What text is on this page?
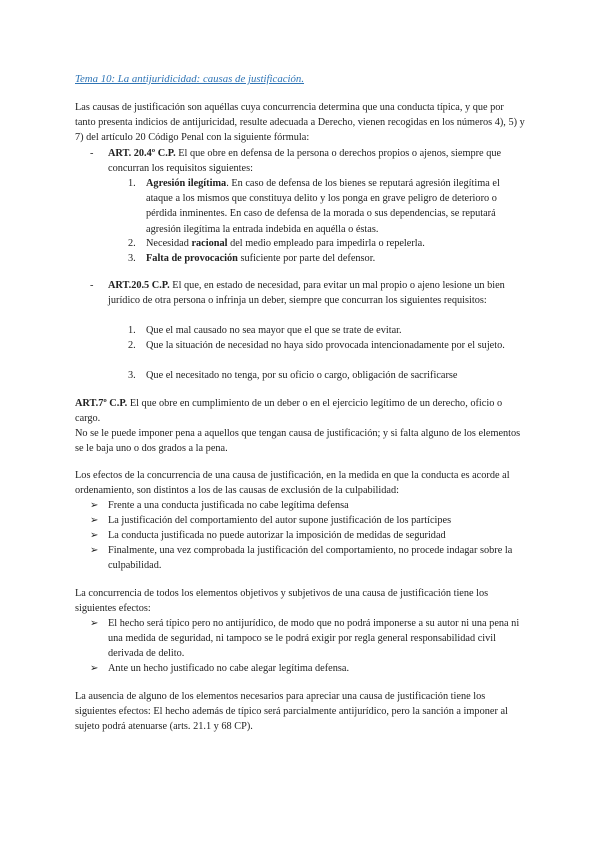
Tema 10: La antijuridicidad: causas de justificación.

Las causas de justificación son aquéllas cuya concurrencia determina que una conducta típica, y que por tanto presenta indicios de antijuricidad, resulte adecuada a Derecho, vienen recogidas en los números 4), 5) y 7) del artículo 20 Código Penal con la siguiente fórmula:

- ART. 20.4º C.P. El que obre en defensa de la persona o derechos propios o ajenos, siempre que concurran los requisitos siguientes:
1. Agresión ilegítima. En caso de defensa de los bienes se reputará agresión ilegítima el ataque a los mismos que constituya delito y los ponga en grave peligro de deterioro o pérdida inminentes. En caso de defensa de la morada o sus dependencias, se reputará agresión ilegítima la entrada indebida en aquélla o éstas.
2. Necesidad racional del medio empleado para impedirla o repelerla.
3. Falta de provocación suficiente por parte del defensor.
- ART.20.5 C.P. El que, en estado de necesidad, para evitar un mal propio o ajeno lesione un bien jurídico de otra persona o infrinja un deber, siempre que concurran los siguientes requisitos:
1. Que el mal causado no sea mayor que el que se trate de evitar.
2. Que la situación de necesidad no haya sido provocada intencionadamente por el sujeto.
3. Que el necesitado no tenga, por su oficio o cargo, obligación de sacrificarse

ART.7º C.P. El que obre en cumplimiento de un deber o en el ejercicio legítimo de un derecho, oficio o cargo.

No se le puede imponer pena a aquellos que tengan causa de justificación; y si falta alguno de los elementos se le baja uno o dos grados a la pena.

Los efectos de la concurrencia de una causa de justificación, en la medida en que la conducta es acorde al ordenamiento, son distintos a los de las causas de exclusión de la culpabilidad:

➢ Frente a una conducta justificada no cabe legítima defensa
➢ La justificación del comportamiento del autor supone justificación de los partícipes
➢ La conducta justificada no puede autorizar la imposición de medidas de seguridad
➢ Finalmente, una vez comprobada la justificación del comportamiento, no procede indagar sobre la culpabilidad.

La concurrencia de todos los elementos objetivos y subjetivos de una causa de justificación tiene los siguientes efectos:

➢ El hecho será típico pero no antijurídico, de modo que no podrá imponerse a su autor ni una pena ni una medida de seguridad, ni tampoco se le podrá exigir por regla general responsabilidad civil derivada de delito.
➢ Ante un hecho justificado no cabe alegar legítima defensa.

La ausencia de alguno de los elementos necesarios para apreciar una causa de justificación tiene los siguientes efectos: El hecho además de típico será parcialmente antijurídico, pero la sanción a imponer al sujeto podrá atenuarse (arts. 21.1 y 68 CP).
